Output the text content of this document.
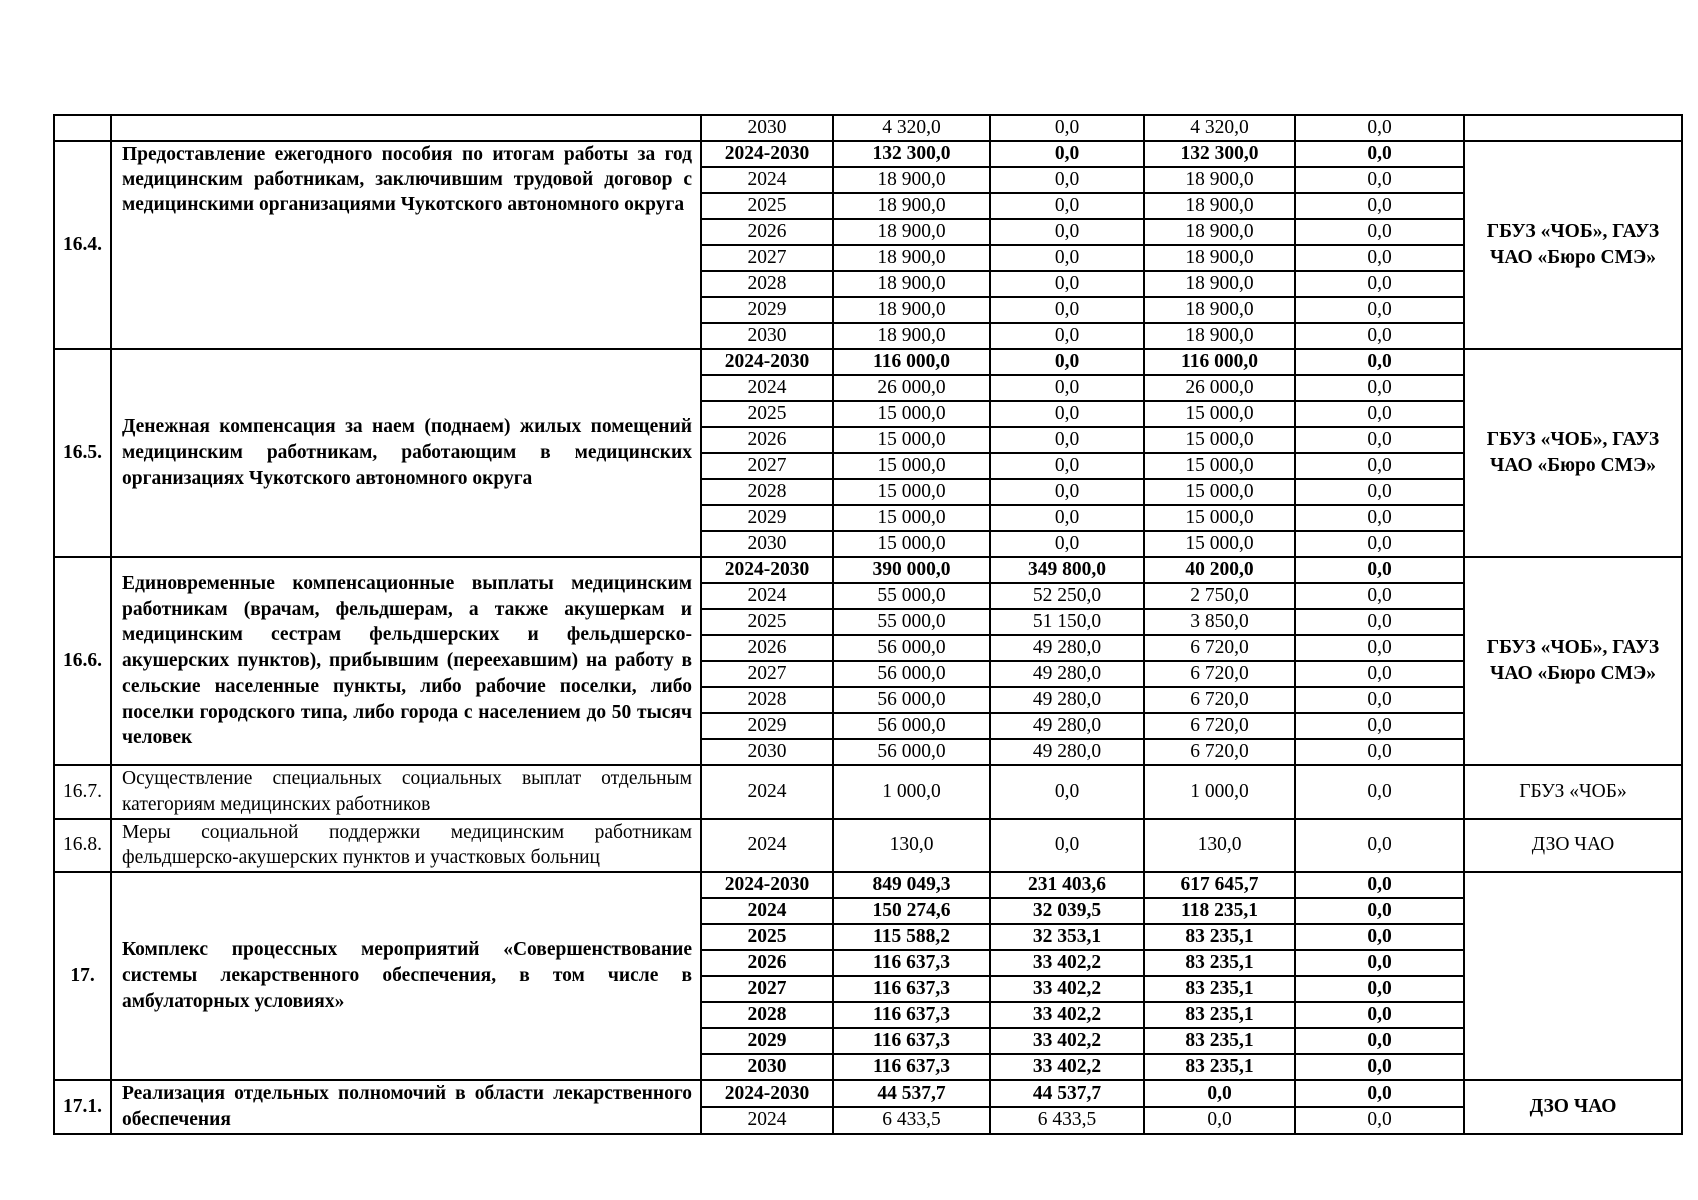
		2030	4 320,0	0,0	4 320,0	0,0	
16.4.	Предоставление ежегодного пособия по итогам работы за год медицинским работникам, заключившим трудовой договор с медицинскими организациями Чукотского автономного округа	2024-2030	132 300,0	0,0	132 300,0	0,0	ГБУЗ «ЧОБ», ГАУЗ ЧАО «Бюро СМЭ»
		2024	18 900,0	0,0	18 900,0	0,0	
		2025	18 900,0	0,0	18 900,0	0,0	
		2026	18 900,0	0,0	18 900,0	0,0	
		2027	18 900,0	0,0	18 900,0	0,0	
		2028	18 900,0	0,0	18 900,0	0,0	
		2029	18 900,0	0,0	18 900,0	0,0	
		2030	18 900,0	0,0	18 900,0	0,0	
16.5.	Денежная компенсация за наем (поднаем) жилых помещений медицинским работникам, работающим в медицинских организациях Чукотского автономного округа	2024-2030	116 000,0	0,0	116 000,0	0,0	ГБУЗ «ЧОБ», ГАУЗ ЧАО «Бюро СМЭ»
		2024	26 000,0	0,0	26 000,0	0,0	
		2025	15 000,0	0,0	15 000,0	0,0	
		2026	15 000,0	0,0	15 000,0	0,0	
		2027	15 000,0	0,0	15 000,0	0,0	
		2028	15 000,0	0,0	15 000,0	0,0	
		2029	15 000,0	0,0	15 000,0	0,0	
		2030	15 000,0	0,0	15 000,0	0,0	
16.6.	Единовременные компенсационные выплаты медицинским работникам (врачам, фельдшерам, а также акушеркам и медицинским сестрам фельдшерских и фельдшерско-акушерских пунктов), прибывшим (переехавшим) на работу в сельские населенные пункты, либо рабочие поселки, либо поселки городского типа, либо города с населением до 50 тысяч человек	2024-2030	390 000,0	349 800,0	40 200,0	0,0	ГБУЗ «ЧОБ», ГАУЗ ЧАО «Бюро СМЭ»
		2024	55 000,0	52 250,0	2 750,0	0,0	
		2025	55 000,0	51 150,0	3 850,0	0,0	
		2026	56 000,0	49 280,0	6 720,0	0,0	
		2027	56 000,0	49 280,0	6 720,0	0,0	
		2028	56 000,0	49 280,0	6 720,0	0,0	
		2029	56 000,0	49 280,0	6 720,0	0,0	
		2030	56 000,0	49 280,0	6 720,0	0,0	
16.7.	Осуществление специальных социальных выплат отдельным категориям медицинских работников	2024	1 000,0	0,0	1 000,0	0,0	ГБУЗ «ЧОБ»
16.8.	Меры социальной поддержки медицинским работникам фельдшерско-акушерских пунктов и участковых больниц	2024	130,0	0,0	130,0	0,0	ДЗО ЧАО
17.	Комплекс процессных мероприятий «Совершенствование системы лекарственного обеспечения, в том числе в амбулаторных условиях»	2024-2030	849 049,3	231 403,6	617 645,7	0,0	
		2024	150 274,6	32 039,5	118 235,1	0,0	
		2025	115 588,2	32 353,1	83 235,1	0,0	
		2026	116 637,3	33 402,2	83 235,1	0,0	
		2027	116 637,3	33 402,2	83 235,1	0,0	
		2028	116 637,3	33 402,2	83 235,1	0,0	
		2029	116 637,3	33 402,2	83 235,1	0,0	
		2030	116 637,3	33 402,2	83 235,1	0,0	
17.1.	Реализация отдельных полномочий в области лекарственного обеспечения	2024-2030	44 537,7	44 537,7	0,0	0,0	ДЗО ЧАО
		2024	6 433,5	6 433,5	0,0	0,0	
